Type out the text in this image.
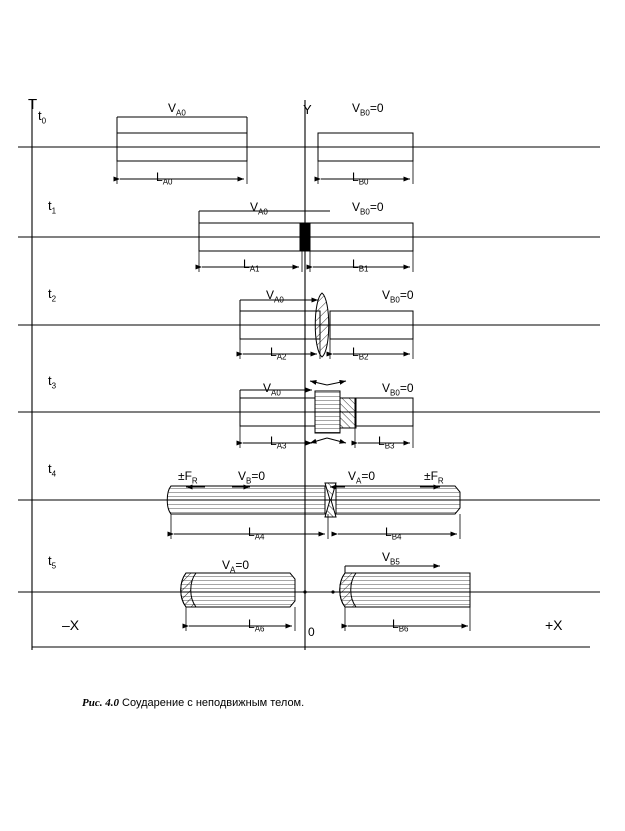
T	Y
–X	+X
0
$t_0$
$t_1$
$t_2$
$t_3$
$t_4$
$t_5$
$V_{A0}$	$V_{B0}=0$
$L_{A0}$	$L_{B0}$
$V_{A0}$	$V_{B0}=0$
$L_{A1}$	$L_{B1}$
$V_{A0}$	$V_{B0}=0$
$L_{A2}$	$L_{B2}$
$V_{A0}$	$V_{B0}=0$
$L_{A3}$	$L_{B3}$
$\pm F_R$	$V_B=0$	$V_A=0$	$\pm F_R$
$L_{A4}$	$L_{B4}$
$V_A=0$
$V_{B5}$
$L_{A6}$	$L_{B6}$
Рис. 4.0 Соударение с неподвижным телом.
